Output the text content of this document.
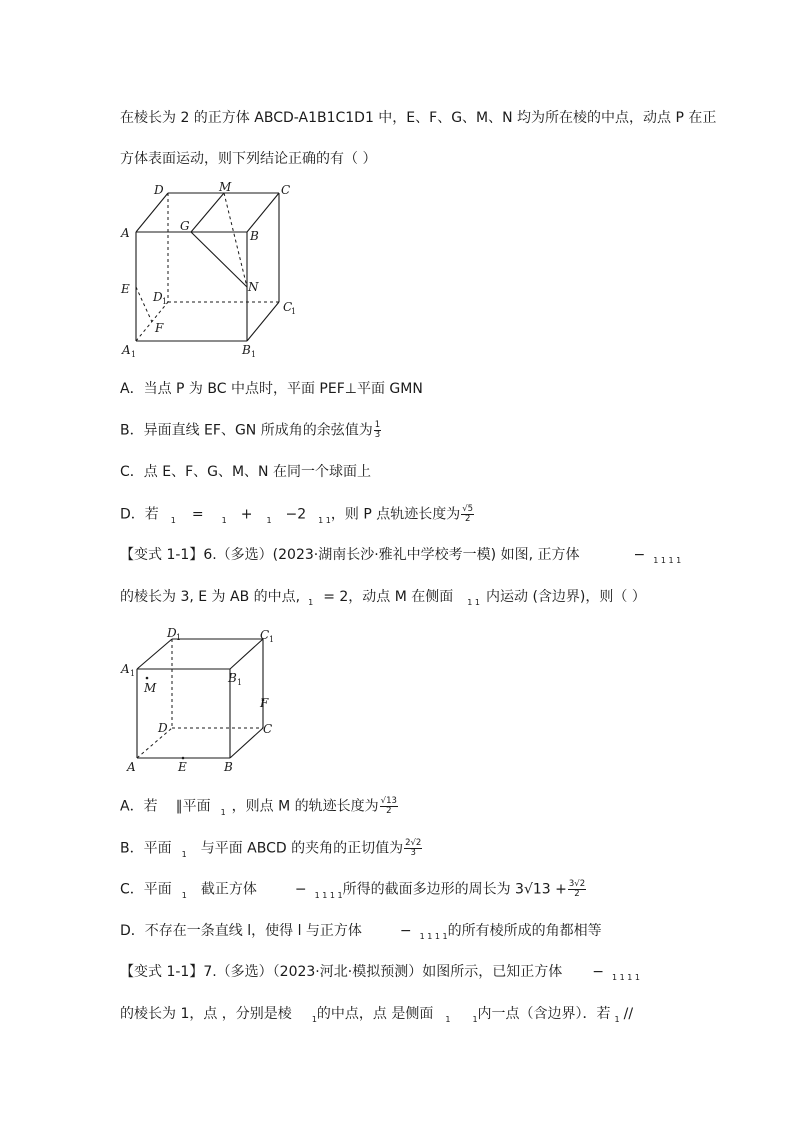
在棱长为 2 的正方体 ABCD-A1B1C1D1 中，E、F、G、M、N 均为所在棱的中点，动点 P 在正
方体表面运动，则下列结论正确的有（ ）
D	M	C
A	G
B
E
D 1
N
C
1
F
A 1	B 1
A．当点 P 为 BC 中点时，平面 PEF⊥平面 GMN
B．异面直线 EF、GN 所成角的余弦值为 $\frac{1}{3}$
C．点 E、F、G、M、N 在同一个球面上
D．若 $_1$ = $_1$ + $_1$ −2 $_{1 1}$，则 P 点轨迹长度为 $\frac{√5}{2}$
【变式 1-1】6.（多选）(2023·湖南长沙·雅礼中学校考一模) 如图, 正方体	− $_{1 1 1 1}$
的棱长为 3, E 为 AB 的中点, $_1$ = 2，动点 M 在侧面 $_{1 1}$ 内运动 (含边界)，则（ ）
D 1	C 1
A 1	B 1
M
F
D	C
A	E	B
A．若 ∥平面 $_1$ ，则点 M 的轨迹长度为 $\frac{√13}{2}$
B．平面 $_1$ 与平面 ABCD 的夹角的正切值为 $\frac{2√2}{3}$
C．平面 $_1$ 截正方体	− $_{1 1 1 1}$所得的截面多边形的周长为 $3√13 + \frac{3√2}{2}$
D．不存在一条直线 l，使得 l 与正方体	− $_{1 1 1 1}$的所有棱所成的角都相等
【变式 1-1】7.（多选）（2023·河北·模拟预测）如图所示，已知正方体 − $_{1 1 1 1}$
的棱长为 1，点 ，分别是棱	$_1$的中点，点 是侧面 $_1$	$_1$内一点（含边界）．若 $_1$ //
